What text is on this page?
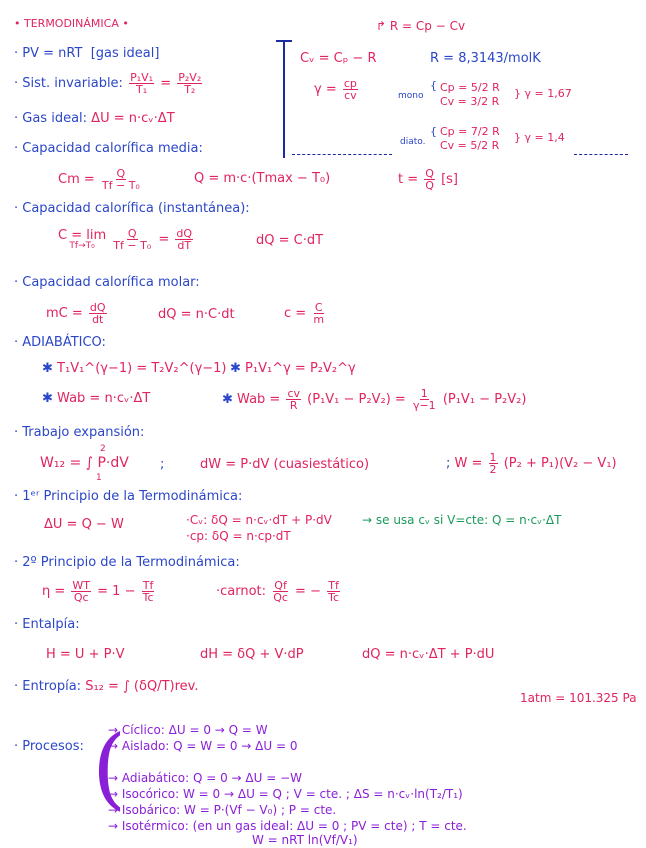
• TERMODINÁMICA •
· PV = nRT [gas ideal]
· Sist. invariable: $\frac{\text{P₁V₁}}{\text{T₁}} = \frac{\text{P₂V₂}}{\text{T₂}}$
· Gas ideal: ΔU = n·cᵥ·ΔT
↱ R = Cp − Cv
Cᵥ = Cₚ − R	R = 8,3143/molK
$\gamma = \frac{cp}{cv}$	mono
{ Cp = 5/2 R
Cv = 3/2 R
} γ = 1,67
diato.
{ Cp = 7/2 R
Cv = 5/2 R
} γ = 1,4
· Capacidad calorífica media:
$Cm = \frac{Q}{\text{Tf − T₀}}$	Q = m·c·(Tmax − T₀)	$t = \frac{Q}{Q̇} [s]$
· Capacidad calorífica (instantánea):
C = lim
Tf→T₀
$\frac{Q}{\text{Tf − T₀}} = \frac{dQ}{dT}$	dQ = C·dT
· Capacidad calorífica molar:
mC = $\frac{dQ}{dt}$	dQ = n·C·dt	$c = \frac{C}{m}$
· ADIABÁTICO:
✱ T₁V₁^(γ−1) = T₂V₂^(γ−1) ✱ P₁V₁^γ = P₂V₂^γ
✱ Wab = n·cᵥ·ΔT	✱ Wab = $\frac{cv}{R} (P_1V_1 - P_2V_2) = \frac{1}{\gamma-1} (P_1V_1 - P_2V_2)$
· Trabajo expansión:
W₁₂ = ∫ P·dV
2
1
;	dW = P·dV (cuasiestático)	; $W = \frac{1}{2} (P_2 + P_1)(V_2 - V_1)$
· 1ᵉʳ Principio de la Termodinámica:
ΔU = Q − W	·Cᵥ: δQ = n·cᵥ·dT + P·dV	→ se usa cᵥ si V=cte: Q = n·cᵥ·ΔT
·cp: δQ = n·cp·dT
· 2º Principio de la Termodinámica:
$\eta = \frac{WT}{Qc} = 1 - \frac{Tf}{Tc}$	·carnot: $\frac{Qf}{Qc}$ = − $\frac{Tf}{Tc}$
· Entalpía:
H = U + P·V	dH = δQ + V·dP	dQ = n·cᵥ·ΔT + P·dU
· Entropía: S₁₂ = ∫ (δQ/T)rev.
1atm = 101.325 Pa
· Procesos: (
→ Cíclico: ΔU = 0 → Q = W
→ Aislado: Q = W = 0 → ΔU = 0
→ Adiabático: Q = 0 → ΔU = −W
→ Isocórico: W = 0 → ΔU = Q ; V = cte. ; ΔS = n·cᵥ·ln(T₂/T₁)
→ Isobárico: W = P·(Vf − V₀) ; P = cte.
→ Isotérmico: (en un gas ideal: ΔU = 0 ; PV = cte) ; T = cte.
W = nRT ln(Vf/V₁)
